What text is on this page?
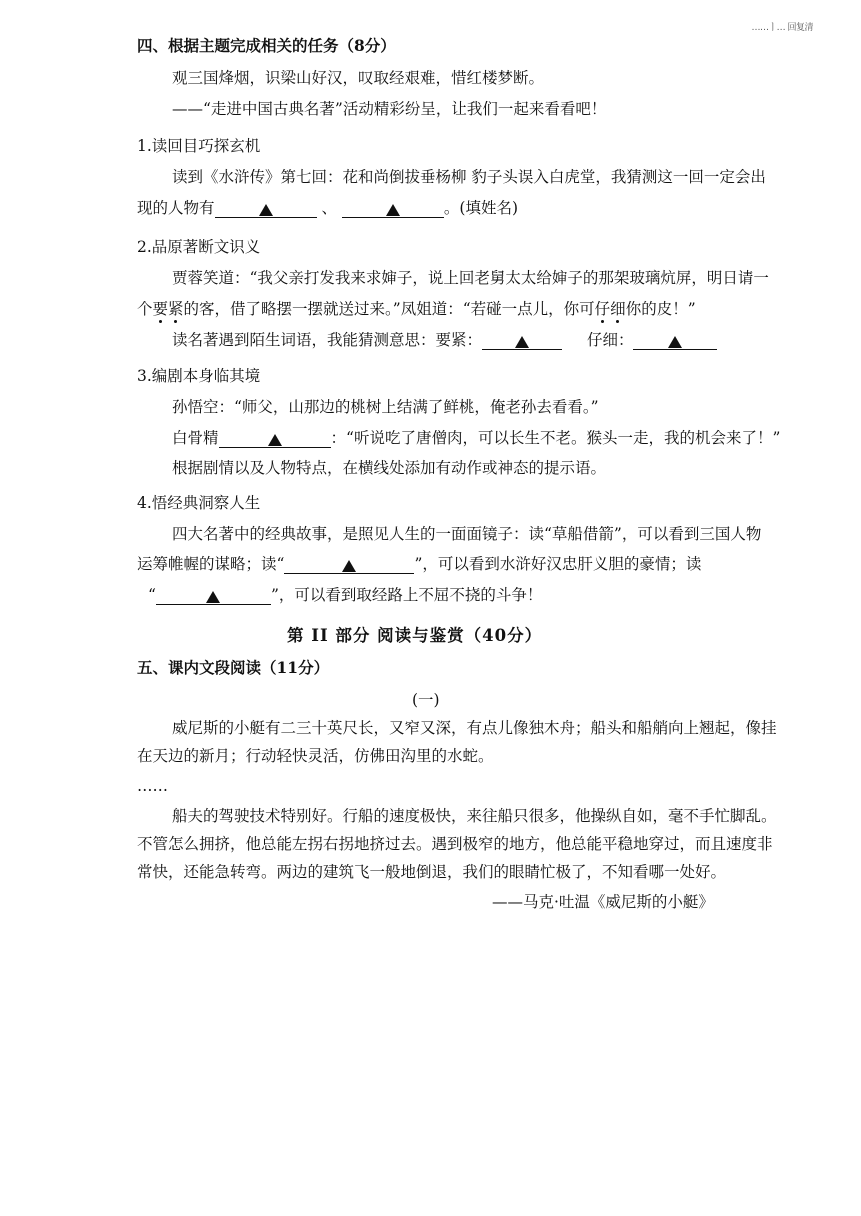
……ㅣ… 回复清
四、根据主题完成相关的任务（8分）
观三国烽烟，识梁山好汉，叹取经艰难，惜红楼梦断。
——“走进中国古典名著”活动精彩纷呈，让我们一起来看看吧！
1.读回目巧探玄机
读到《水浒传》第七回：花和尚倒拔垂杨柳 豹子头误入白虎堂，我猜测这一回一定会出
现的人物有	、	。(填姓名)
2.品原著断文识义
贾蓉笑道：“我父亲打发我来求婶子，说上回老舅太太给婶子的那架玻璃炕屏，明日请一
个要紧的客，借了略摆一摆就送过来。”凤姐道：“若碰一点儿，你可仔细你的皮！”
读名著遇到陌生词语，我能猜测意思：要紧：	仔细：
3.编剧本身临其境
孙悟空：“师父，山那边的桃树上结满了鲜桃，俺老孙去看看。”
白骨精	：“听说吃了唐僧肉，可以长生不老。猴头一走，我的机会来了！”
根据剧情以及人物特点，在横线处添加有动作或神态的提示语。
4.悟经典洞察人生
四大名著中的经典故事，是照见人生的一面面镜子：读“草船借箭”，可以看到三国人物
运筹帷幄的谋略；读“	”，可以看到水浒好汉忠肝义胆的豪情；读
“	”，可以看到取经路上不屈不挠的斗争！
第 II 部分 阅读与鉴赏（40分）
五、课内文段阅读（11分）
(一)
威尼斯的小艇有二三十英尺长，又窄又深，有点儿像独木舟；船头和船艄向上翘起，像挂
在天边的新月；行动轻快灵活，仿佛田沟里的水蛇。
……
船夫的驾驶技术特别好。行船的速度极快，来往船只很多，他操纵自如，毫不手忙脚乱。
不管怎么拥挤，他总能左拐右拐地挤过去。遇到极窄的地方，他总能平稳地穿过，而且速度非
常快，还能急转弯。两边的建筑飞一般地倒退，我们的眼睛忙极了，不知看哪一处好。
——马克·吐温《威尼斯的小艇》
